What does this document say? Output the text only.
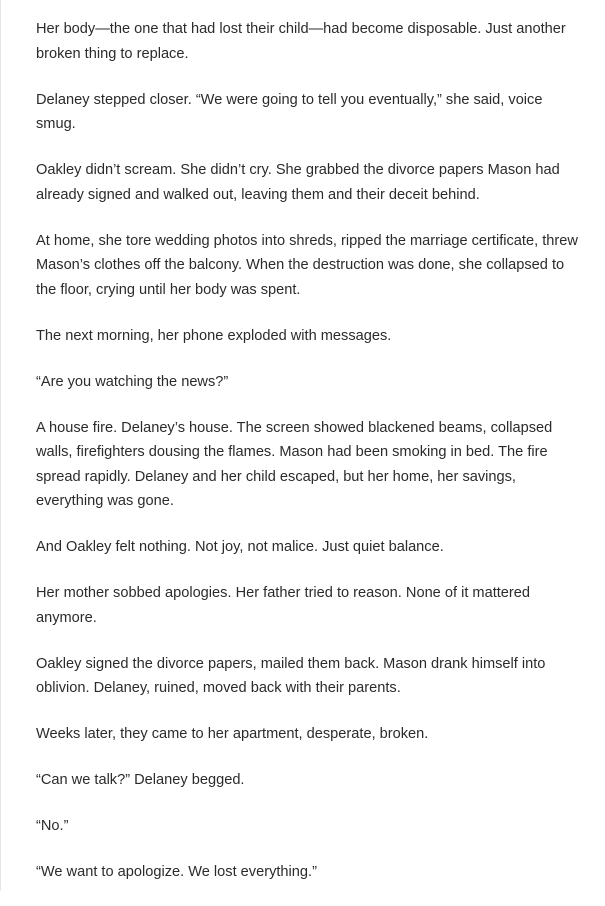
Her body—the one that had lost their child—had become disposable. Just another broken thing to replace.

Delaney stepped closer. “We were going to tell you eventually,” she said, voice smug.

Oakley didn’t scream. She didn’t cry. She grabbed the divorce papers Mason had already signed and walked out, leaving them and their deceit behind.

At home, she tore wedding photos into shreds, ripped the marriage certificate, threw Mason’s clothes off the balcony. When the destruction was done, she collapsed to the floor, crying until her body was spent.

The next morning, her phone exploded with messages.

“Are you watching the news?”

A house fire. Delaney’s house. The screen showed blackened beams, collapsed walls, firefighters dousing the flames. Mason had been smoking in bed. The fire spread rapidly. Delaney and her child escaped, but her home, her savings, everything was gone.

And Oakley felt nothing. Not joy, not malice. Just quiet balance.

Her mother sobbed apologies. Her father tried to reason. None of it mattered anymore.

Oakley signed the divorce papers, mailed them back. Mason drank himself into oblivion. Delaney, ruined, moved back with their parents.

Weeks later, they came to her apartment, desperate, broken.

“Can we talk?” Delaney begged.

“No.”

“We want to apologize. We lost everything.”
